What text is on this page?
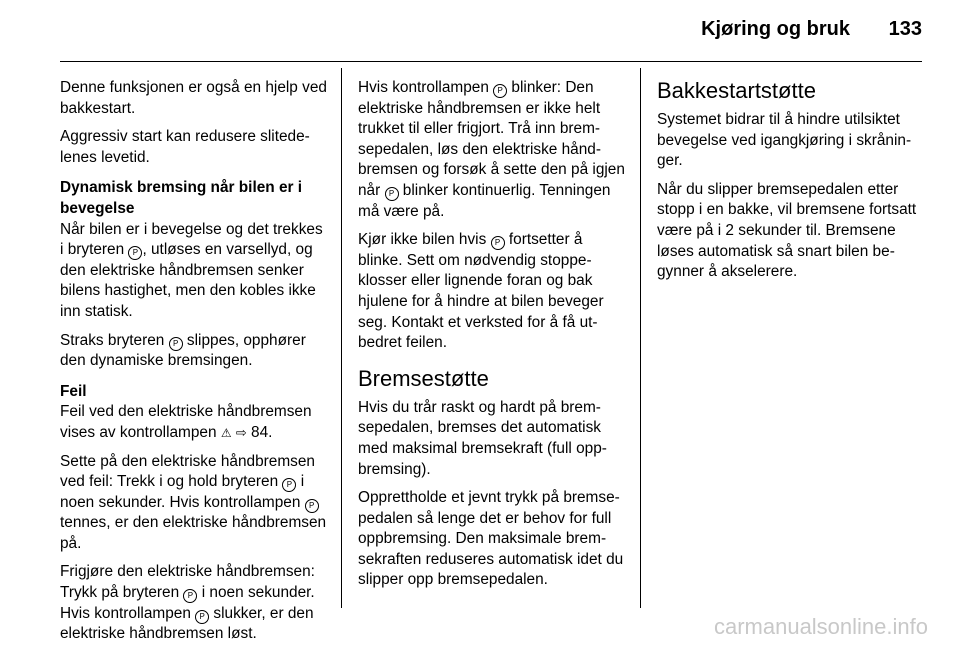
Kjøring og bruk	133

Denne funksjonen er også en hjelp ved bakkestart.

Aggressiv start kan redusere slitedelenes levetid.

Dynamisk bremsing når bilen er i bevegelse

Når bilen er i bevegelse og det trekkes i bryteren P , utløses en varsellyd, og den elektriske håndbremsen senker bilens hastighet, men den kobles ikke inn statisk.

Straks bryteren P slippes, opphører den dynamiske bremsingen.

Feil

Feil ved den elektriske håndbremsen vises av kontrollampen ⚠ ⇨ 84.

Sette på den elektriske håndbremsen ved feil: Trekk i og hold bryteren P i noen sekunder. Hvis kontrollampen P tennes, er den elektriske håndbremsen på.

Frigjøre den elektriske håndbremsen: Trykk på bryteren P i noen sekunder. Hvis kontrollampen P slukker, er den elektriske håndbremsen løst.

Hvis kontrollampen P blinker: Den elektriske håndbremsen er ikke helt trukket til eller frigjort. Trå inn bremsepedalen, løs den elektriske håndbremsen og forsøk å sette den på igjen når P blinker kontinuerlig. Tenningen må være på.

Kjør ikke bilen hvis P fortsetter å blinke. Sett om nødvendig stoppeklosser eller lignende foran og bak hjulene for å hindre at bilen beveger seg. Kontakt et verksted for å få utbedret feilen.

Bremsestøtte

Hvis du trår raskt og hardt på bremsepedalen, bremses det automatisk med maksimal bremsekraft (full oppbremsing).

Opprettholde et jevnt trykk på bremsepedalen så lenge det er behov for full oppbremsing. Den maksimale bremsekraften reduseres automatisk idet du slipper opp bremsepedalen.

Bakkestartstøtte

Systemet bidrar til å hindre utilsiktet bevegelse ved igangkjøring i skråninger.

Når du slipper bremsepedalen etter stopp i en bakke, vil bremsene fortsatt være på i 2 sekunder til. Bremsene løses automatisk så snart bilen begynner å akselerere.

carmanualsonline.info
